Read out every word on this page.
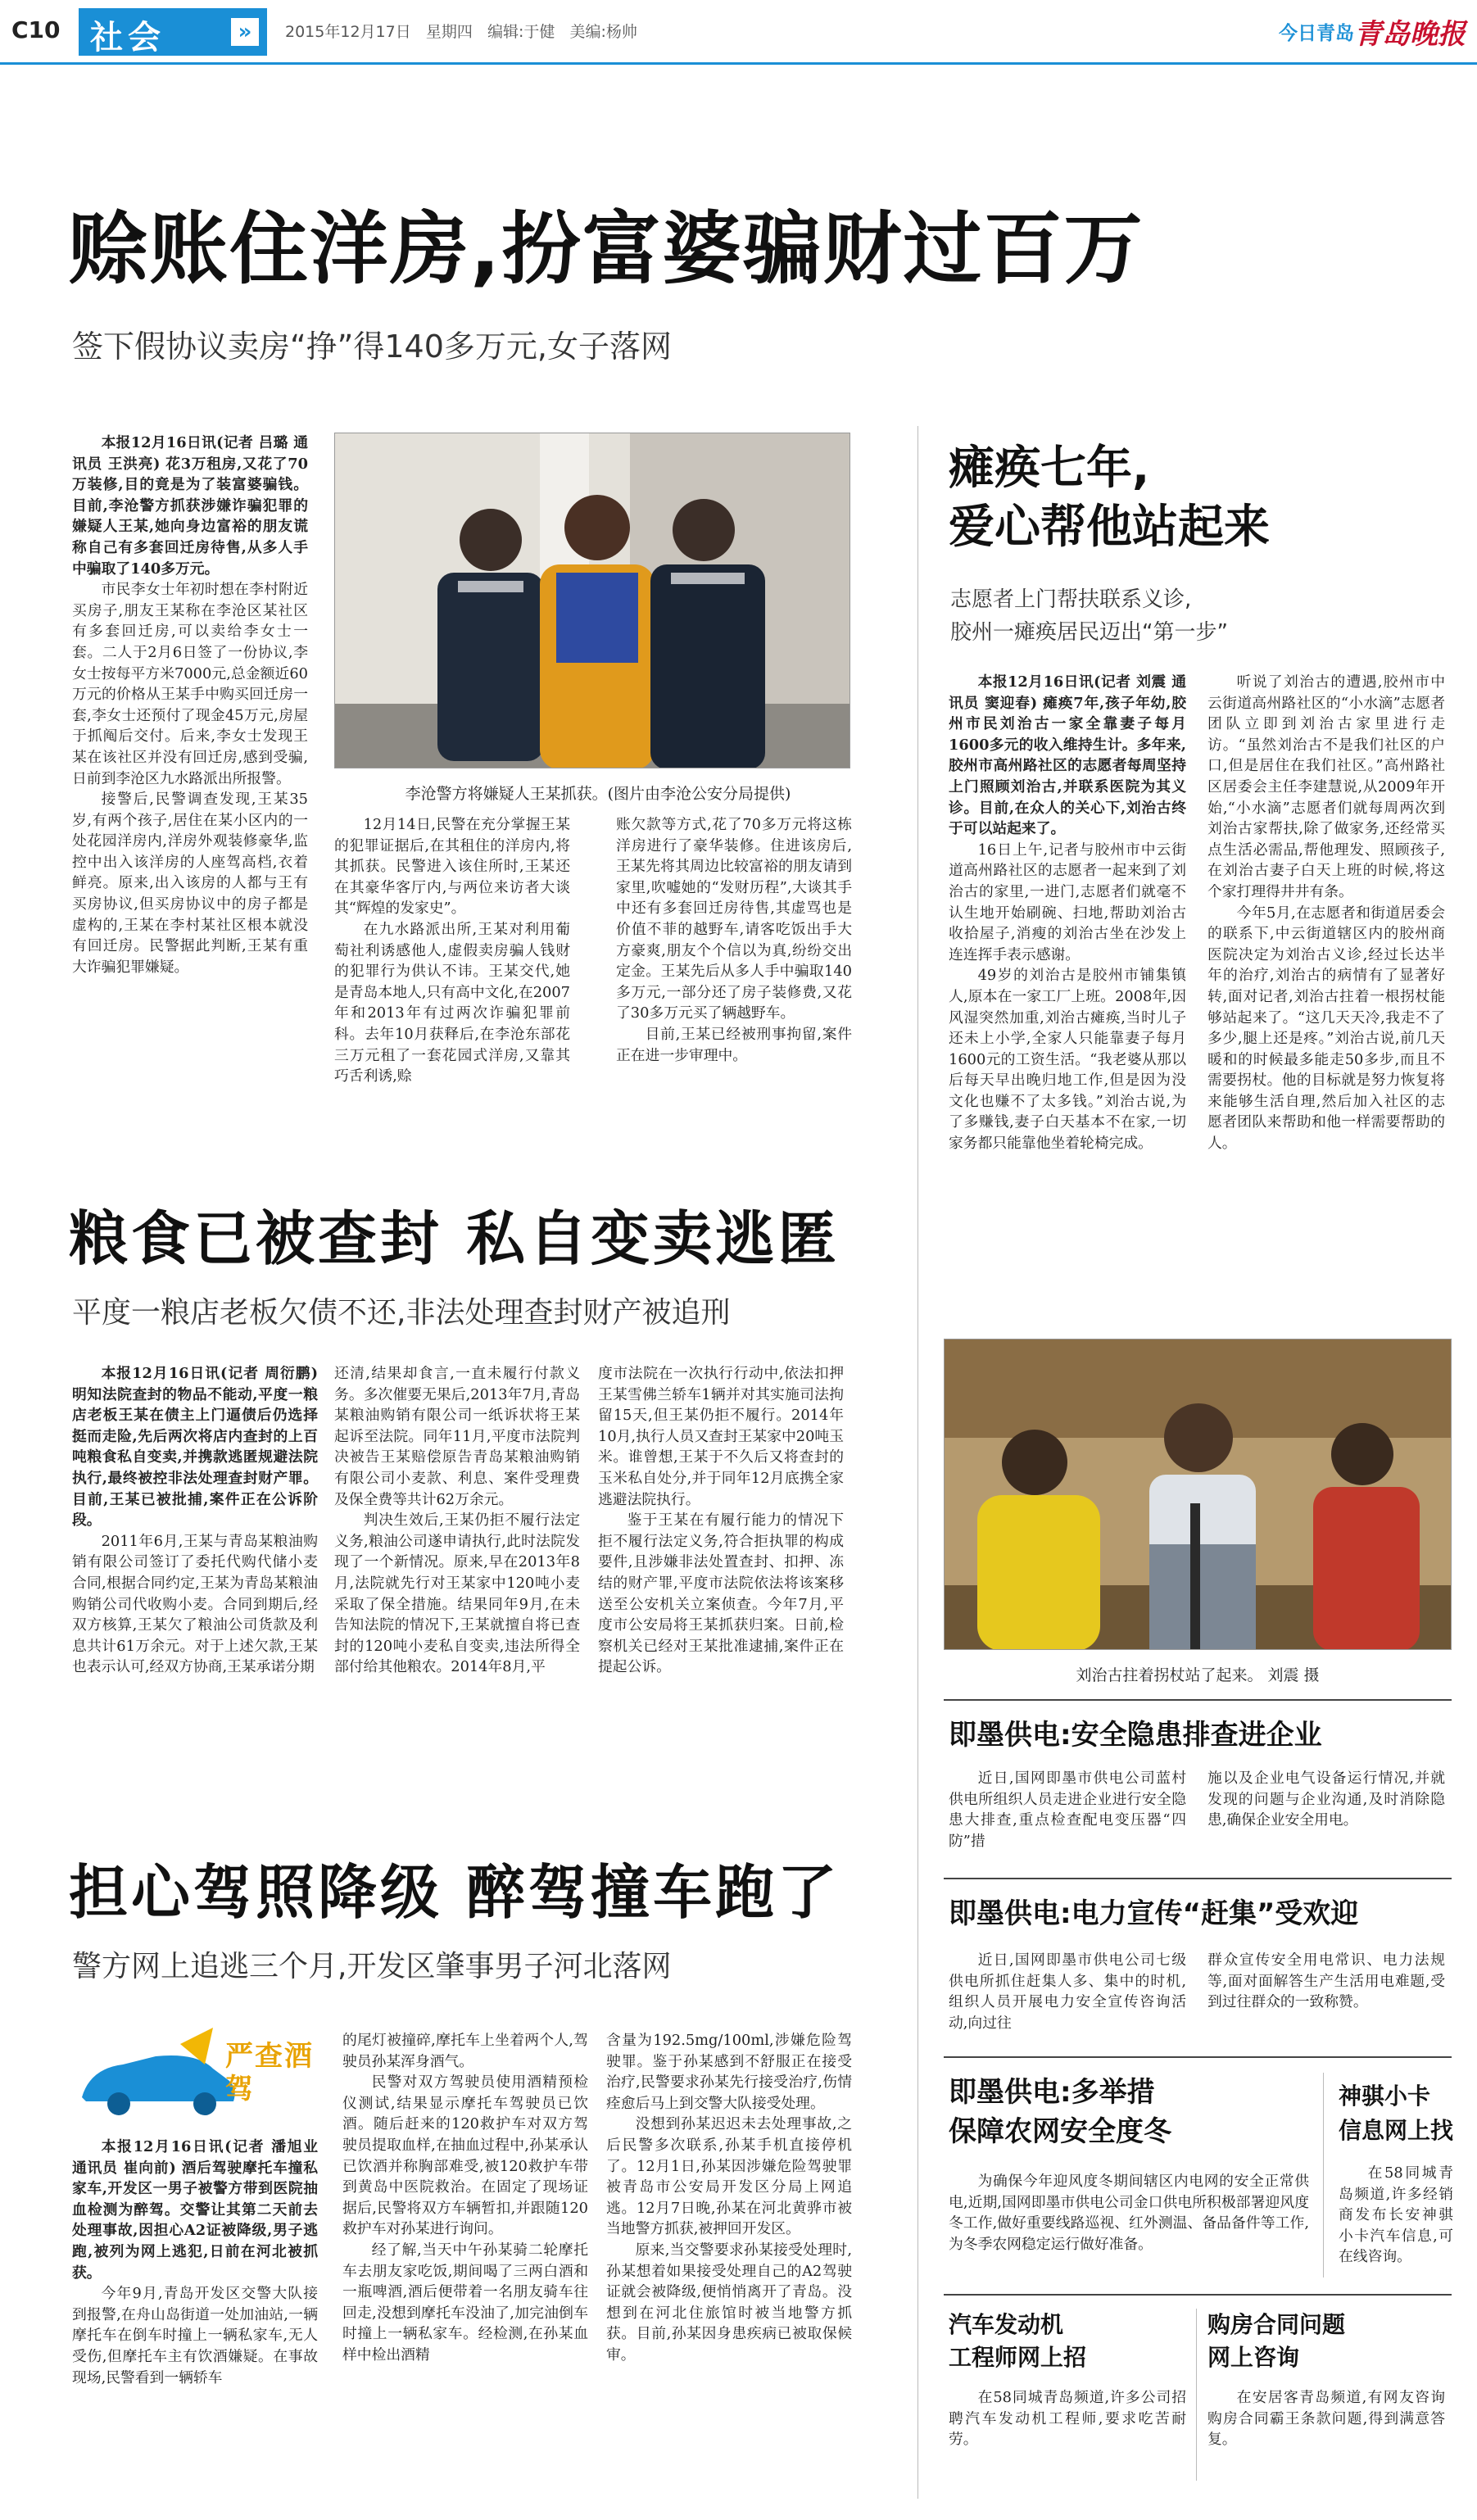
C10 社会	»	2015年12月17日   星期四   编辑:于健   美编:杨帅	今日青岛 青岛晚报
赊账住洋房,扮富婆骗财过百万
签下假协议卖房“挣”得140多万元,女子落网

本报12月16日讯(记者 吕璐 通讯员 王洪亮) 花3万租房,又花了70万装修,目的竟是为了装富婆骗钱。目前,李沧警方抓获涉嫌诈骗犯罪的嫌疑人王某,她向身边富裕的朋友谎称自己有多套回迁房待售,从多人手中骗取了140多万元。

市民李女士年初时想在李村附近买房子,朋友王某称在李沧区某社区有多套回迁房,可以卖给李女士一套。二人于2月6日签了一份协议,李女士按每平方米7000元,总金额近60万元的价格从王某手中购买回迁房一套,李女士还预付了现金45万元,房屋于抓阄后交付。后来,李女士发现王某在该社区并没有回迁房,感到受骗,日前到李沧区九水路派出所报警。

接警后,民警调查发现,王某35岁,有两个孩子,居住在某小区内的一处花园洋房内,洋房外观装修豪华,监控中出入该洋房的人座驾高档,衣着鲜亮。原来,出入该房的人都与王有买房协议,但买房协议中的房子都是虚构的,王某在李村某社区根本就没有回迁房。民警据此判断,王某有重大诈骗犯罪嫌疑。

李沧警方将嫌疑人王某抓获。(图片由李沧公安分局提供)

12月14日,民警在充分掌握王某的犯罪证据后,在其租住的洋房内,将其抓获。民警进入该住所时,王某还在其豪华客厅内,与两位来访者大谈其“辉煌的发家史”。

在九水路派出所,王某对利用葡萄社利诱感他人,虚假卖房骗人钱财的犯罪行为供认不讳。王某交代,她是青岛本地人,只有高中文化,在2007年和2013年有过两次诈骗犯罪前科。去年10月获释后,在李沧东部花三万元租了一套花园式洋房,又靠其巧舌利诱,赊

账欠款等方式,花了70多万元将这栋洋房进行了豪华装修。住进该房后,王某先将其周边比较富裕的朋友请到家里,吹嘘她的“发财历程”,大谈其手中还有多套回迁房待售,其虚骂也是价值不菲的越野车,请客吃饭出手大方豪爽,朋友个个信以为真,纷纷交出定金。王某先后从多人手中骗取140多万元,一部分还了房子装修费,又花了30多万元买了辆越野车。

目前,王某已经被刑事拘留,案件正在进一步审理中。

粮食已被查封 私自变卖逃匿
平度一粮店老板欠债不还,非法处理查封财产被追刑

本报12月16日讯(记者 周衍鹏) 明知法院查封的物品不能动,平度一粮店老板王某在债主上门逼债后仍选择挺而走险,先后两次将店内查封的上百吨粮食私自变卖,并携款逃匿规避法院执行,最终被控非法处理查封财产罪。目前,王某已被批捕,案件正在公诉阶段。

2011年6月,王某与青岛某粮油购销有限公司签订了委托代购代储小麦合同,根据合同约定,王某为青岛某粮油购销公司代收购小麦。合同到期后,经双方核算,王某欠了粮油公司货款及利息共计61万余元。对于上述欠款,王某也表示认可,经双方协商,王某承诺分期

还清,结果却食言,一直未履行付款义务。多次催要无果后,2013年7月,青岛某粮油购销有限公司一纸诉状将王某起诉至法院。同年11月,平度市法院判决被告王某赔偿原告青岛某粮油购销有限公司小麦款、利息、案件受理费及保全费等共计62万余元。

判决生效后,王某仍拒不履行法定义务,粮油公司遂申请执行,此时法院发现了一个新情况。原来,早在2013年8月,法院就先行对王某家中120吨小麦采取了保全措施。结果同年9月,在未告知法院的情况下,王某就擅自将已查封的120吨小麦私自变卖,违法所得全部付给其他粮农。2014年8月,平

度市法院在一次执行行动中,依法扣押王某雪佛兰轿车1辆并对其实施司法拘留15天,但王某仍拒不履行。2014年10月,执行人员又查封王某家中20吨玉米。谁曾想,王某于不久后又将查封的玉米私自处分,并于同年12月底携全家逃避法院执行。

鉴于王某在有履行能力的情况下拒不履行法定义务,符合拒执罪的构成要件,且涉嫌非法处置查封、扣押、冻结的财产罪,平度市法院依法将该案移送至公安机关立案侦查。今年7月,平度市公安局将王某抓获归案。日前,检察机关已经对王某批准逮捕,案件正在提起公诉。

担心驾照降级 醉驾撞车跑了
警方网上追逃三个月,开发区肇事男子河北落网
严查酒驾

本报12月16日讯(记者 潘旭业 通讯员 崔向前) 酒后驾驶摩托车撞私家车,开发区一男子被警方带到医院抽血检测为醉驾。交警让其第二天前去处理事故,因担心A2证被降级,男子逃跑,被列为网上逃犯,日前在河北被抓获。

今年9月,青岛开发区交警大队接到报警,在舟山岛街道一处加油站,一辆摩托车在倒车时撞上一辆私家车,无人受伤,但摩托车主有饮酒嫌疑。在事故现场,民警看到一辆轿车

的尾灯被撞碎,摩托车上坐着两个人,驾驶员孙某浑身酒气。

民警对双方驾驶员使用酒精预检仪测试,结果显示摩托车驾驶员已饮酒。随后赶来的120救护车对双方驾驶员提取血样,在抽血过程中,孙某承认已饮酒并称胸部难受,被120救护车带到黄岛中医院救治。在固定了现场证据后,民警将双方车辆暂扣,并跟随120救护车对孙某进行询问。

经了解,当天中午孙某骑二轮摩托车去朋友家吃饭,期间喝了三两白酒和一瓶啤酒,酒后便带着一名朋友骑车往回走,没想到摩托车没油了,加完油倒车时撞上一辆私家车。经检测,在孙某血样中检出酒精

含量为192.5mg/100ml,涉嫌危险驾驶罪。鉴于孙某感到不舒服正在接受治疗,民警要求孙某先行接受治疗,伤情痊愈后马上到交警大队接受处理。

没想到孙某迟迟未去处理事故,之后民警多次联系,孙某手机直接停机了。12月1日,孙某因涉嫌危险驾驶罪被青岛市公安局开发区分局上网追逃。12月7日晚,孙某在河北黄骅市被当地警方抓获,被押回开发区。

原来,当交警要求孙某接受处理时,孙某想着如果接受处理自己的A2驾驶证就会被降级,便悄悄离开了青岛。没想到在河北住旅馆时被当地警方抓获。目前,孙某因身患疾病已被取保候审。

瘫痪七年,
爱心帮他站起来
志愿者上门帮扶联系义诊,
胶州一瘫痪居民迈出“第一步”

本报12月16日讯(记者 刘震 通讯员 窦迎春) 瘫痪7年,孩子年幼,胶州市民刘治古一家全靠妻子每月1600多元的收入维持生计。多年来,胶州市高州路社区的志愿者每周坚持上门照顾刘治古,并联系医院为其义诊。目前,在众人的关心下,刘治古终于可以站起来了。

16日上午,记者与胶州市中云街道高州路社区的志愿者一起来到了刘治古的家里,一进门,志愿者们就毫不认生地开始刷碗、扫地,帮助刘治古收拾屋子,消瘦的刘治古坐在沙发上连连挥手表示感谢。

49岁的刘治古是胶州市铺集镇人,原本在一家工厂上班。2008年,因风湿突然加重,刘治古瘫痪,当时儿子还未上小学,全家人只能靠妻子每月1600元的工资生活。“我老婆从那以后每天早出晚归地工作,但是因为没文化也赚不了太多钱。”刘治古说,为了多赚钱,妻子白天基本不在家,一切家务都只能靠他坐着轮椅完成。

听说了刘治古的遭遇,胶州市中云街道高州路社区的“小水滴”志愿者团队立即到刘治古家里进行走访。“虽然刘治古不是我们社区的户口,但是居住在我们社区。”高州路社区居委会主任李建慧说,从2009年开始,“小水滴”志愿者们就每周两次到刘治古家帮扶,除了做家务,还经常买点生活必需品,帮他理发、照顾孩子,在刘治古妻子白天上班的时候,将这个家打理得井井有条。

今年5月,在志愿者和街道居委会的联系下,中云街道辖区内的胶州商医院决定为刘治古义诊,经过长达半年的治疗,刘治古的病情有了显著好转,面对记者,刘治古拄着一根拐杖能够站起来了。“这几天天冷,我走不了多少,腿上还是疼。”刘治古说,前几天暖和的时候最多能走50多步,而且不需要拐杖。他的目标就是努力恢复将来能够生活自理,然后加入社区的志愿者团队来帮助和他一样需要帮助的人。

刘治古拄着拐杖站了起来。 刘震 摄
即墨供电:安全隐患排查进企业

近日,国网即墨市供电公司蓝村供电所组织人员走进企业进行安全隐患大排查,重点检查配电变压器“四防”措

施以及企业电气设备运行情况,并就发现的问题与企业沟通,及时消除隐患,确保企业安全用电。

即墨供电:电力宣传“赶集”受欢迎

近日,国网即墨市供电公司七级供电所抓住赶集人多、集中的时机,组织人员开展电力安全宣传咨询活动,向过往

群众宣传安全用电常识、电力法规等,面对面解答生产生活用电难题,受到过往群众的一致称赞。

即墨供电:多举措
保障农网安全度冬

为确保今年迎风度冬期间辖区内电网的安全正常供电,近期,国网即墨市供电公司金口供电所积极部署迎风度冬工作,做好重要线路巡视、红外测温、备品备件等工作,为冬季农网稳定运行做好准备。

神骐小卡
信息网上找

在58同城青岛频道,许多经销商发布长安神骐小卡汽车信息,可在线咨询。

汽车发动机
工程师网上招

在58同城青岛频道,许多公司招聘汽车发动机工程师,要求吃苦耐劳。

购房合同问题
网上咨询

在安居客青岛频道,有网友咨询购房合同霸王条款问题,得到满意答复。
